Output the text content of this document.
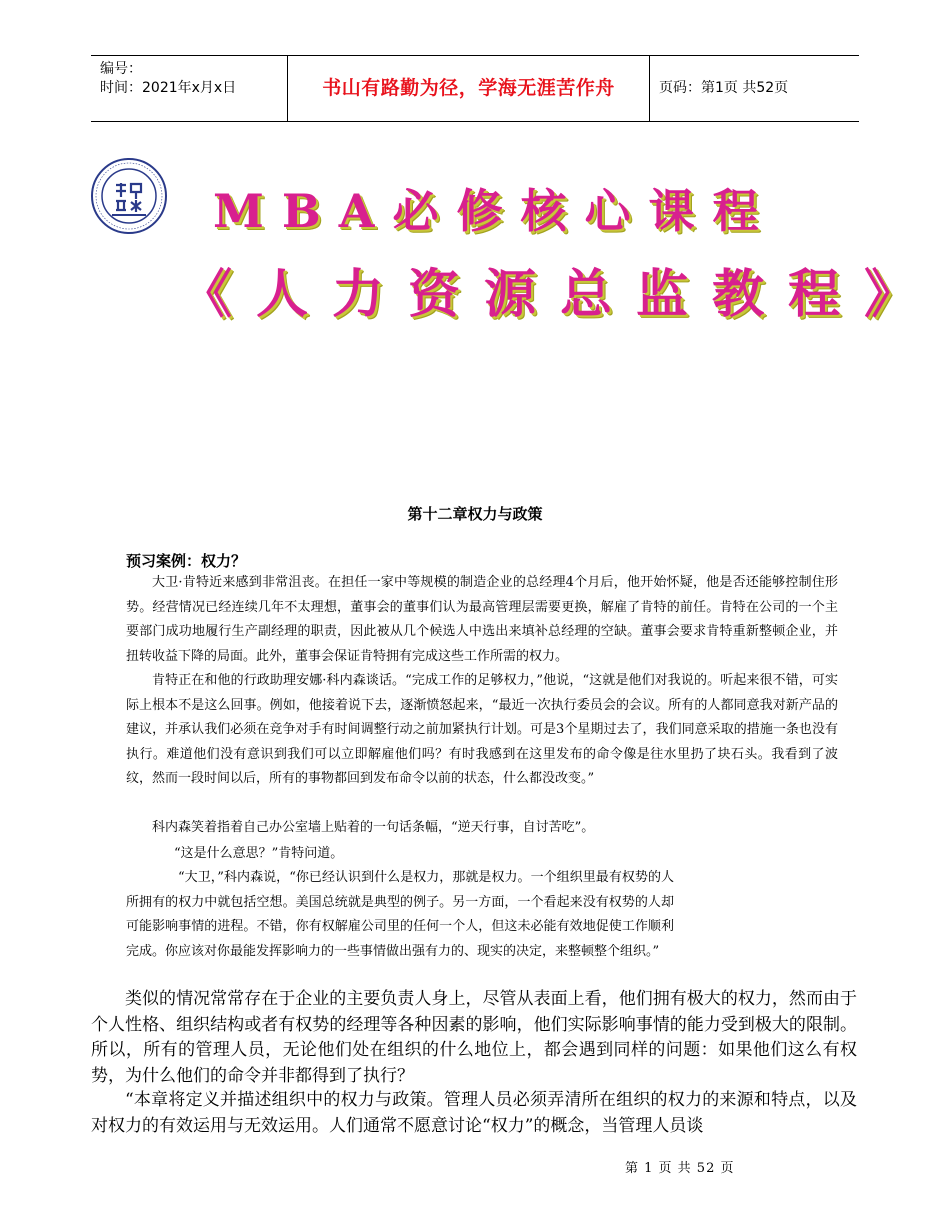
编号：
时间：2021年x月x日	书山有路勤为径，学海无涯苦作舟	页码：第1页 共52页
MBA必修核心课程
《人力资源总监教程》
第十二章权力与政策
预习案例：权力？
大卫·肯特近来感到非常沮丧。在担任一家中等规模的制造企业的总经理4个月后，他开始怀疑，他是否还能够控制住形势。经营情况已经连续几年不太理想，董事会的董事们认为最高管理层需要更换，解雇了肯特的前任。肯特在公司的一个主要部门成功地履行生产副经理的职责，因此被从几个候选人中选出来填补总经理的空缺。董事会要求肯特重新整顿企业，并扭转收益下降的局面。此外，董事会保证肯特拥有完成这些工作所需的权力。
肯特正在和他的行政助理安娜·科内森谈话。“完成工作的足够权力，”他说，“这就是他们对我说的。听起来很不错，可实际上根本不是这么回事。例如，他接着说下去，逐渐愤怒起来，“最近一次执行委员会的会议。所有的人都同意我对新产品的建议，并承认我们必须在竞争对手有时间调整行动之前加紧执行计划。可是3个星期过去了，我们同意采取的措施一条也没有执行。难道他们没有意识到我们可以立即解雇他们吗？有时我感到在这里发布的命令像是往水里扔了块石头。我看到了波纹，然而一段时间以后，所有的事物都回到发布命令以前的状态，什么都没改变。”
科内森笑着指着自己办公室墙上贴着的一句话条幅，“逆天行事，自讨苦吃”。
“这是什么意思？”肯特问道。
“大卫，”科内森说，“你已经认识到什么是权力，那就是权力。一个组织里最有权势的人所拥有的权力中就包括空想。美国总统就是典型的例子。另一方面，一个看起来没有权势的人却可能影响事情的进程。不错，你有权解雇公司里的任何一个人，但这未必能有效地促使工作顺利完成。你应该对你最能发挥影响力的一些事情做出强有力的、现实的决定，来整顿整个组织。”
类似的情况常常存在于企业的主要负责人身上，尽管从表面上看，他们拥有极大的权力，然而由于个人性格、组织结构或者有权势的经理等各种因素的影响，他们实际影响事情的能力受到极大的限制。所以，所有的管理人员，无论他们处在组织的什么地位上，都会遇到同样的问题：如果他们这么有权势，为什么他们的命令并非都得到了执行？
“本章将定义并描述组织中的权力与政策。管理人员必须弄清所在组织的权力的来源和特点，以及对权力的有效运用与无效运用。人们通常不愿意讨论“权力”的概念，当管理人员谈
第 1 页 共 52 页
